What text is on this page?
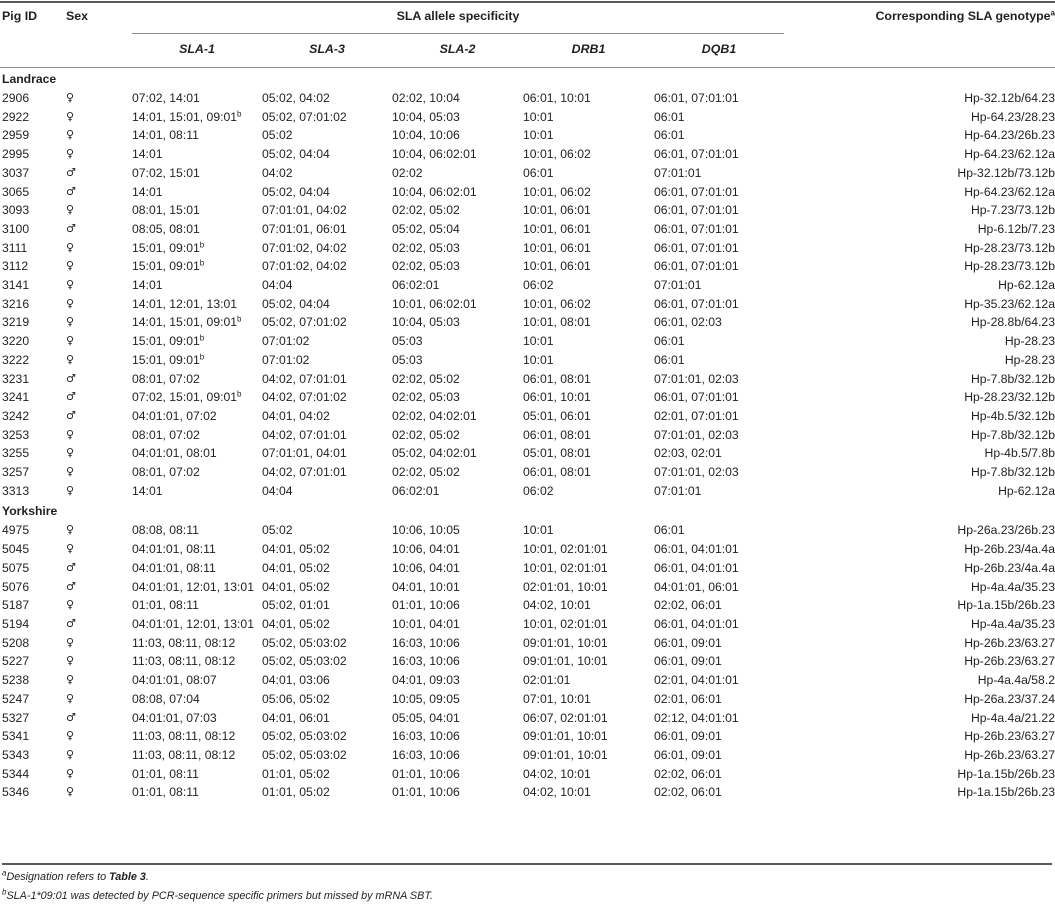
Pig ID	Sex	SLA allele specificity					Corresponding SLA genotype$^a$
		SLA-1	SLA-3	SLA-2	DRB1	DQB1	
Landrace							
2906	♀	07:02, 14:01	05:02, 04:02	02:02, 10:04	06:01, 10:01	06:01, 07:01:01	Hp-32.12b/64.23
2922	♀	14:01, 15:01, 09:01$^b$	05:02, 07:01:02	10:04, 05:03	10:01	06:01	Hp-64.23/28.23
2959	♀	14:01, 08:11	05:02	10:04, 10:06	10:01	06:01	Hp-64.23/26b.23
2995	♀	14:01	05:02, 04:04	10:04, 06:02:01	10:01, 06:02	06:01, 07:01:01	Hp-64.23/62.12a
3037	♂	07:02, 15:01	04:02	02:02	06:01	07:01:01	Hp-32.12b/73.12b
3065	♂	14:01	05:02, 04:04	10:04, 06:02:01	10:01, 06:02	06:01, 07:01:01	Hp-64.23/62.12a
3093	♀	08:01, 15:01	07:01:01, 04:02	02:02, 05:02	10:01, 06:01	06:01, 07:01:01	Hp-7.23/73.12b
3100	♂	08:05, 08:01	07:01:01, 06:01	05:02, 05:04	10:01, 06:01	06:01, 07:01:01	Hp-6.12b/7.23
3111	♀	15:01, 09:01$^b$	07:01:02, 04:02	02:02, 05:03	10:01, 06:01	06:01, 07:01:01	Hp-28.23/73.12b
3112	♀	15:01, 09:01$^b$	07:01:02, 04:02	02:02, 05:03	10:01, 06:01	06:01, 07:01:01	Hp-28.23/73.12b
3141	♀	14:01	04:04	06:02:01	06:02	07:01:01	Hp-62.12a
3216	♀	14:01, 12:01, 13:01	05:02, 04:04	10:01, 06:02:01	10:01, 06:02	06:01, 07:01:01	Hp-35.23/62.12a
3219	♀	14:01, 15:01, 09:01$^b$	05:02, 07:01:02	10:04, 05:03	10:01, 08:01	06:01, 02:03	Hp-28.8b/64.23
3220	♀	15:01, 09:01$^b$	07:01:02	05:03	10:01	06:01	Hp-28.23
3222	♀	15:01, 09:01$^b$	07:01:02	05:03	10:01	06:01	Hp-28.23
3231	♂	08:01, 07:02	04:02, 07:01:01	02:02, 05:02	06:01, 08:01	07:01:01, 02:03	Hp-7.8b/32.12b
3241	♂	07:02, 15:01, 09:01$^b$	04:02, 07:01:02	02:02, 05:03	06:01, 10:01	06:01, 07:01:01	Hp-28.23/32.12b
3242	♂	04:01:01, 07:02	04:01, 04:02	02:02, 04:02:01	05:01, 06:01	02:01, 07:01:01	Hp-4b.5/32.12b
3253	♀	08:01, 07:02	04:02, 07:01:01	02:02, 05:02	06:01, 08:01	07:01:01, 02:03	Hp-7.8b/32.12b
3255	♀	04:01:01, 08:01	07:01:01, 04:01	05:02, 04:02:01	05:01, 08:01	02:03, 02:01	Hp-4b.5/7.8b
3257	♀	08:01, 07:02	04:02, 07:01:01	02:02, 05:02	06:01, 08:01	07:01:01, 02:03	Hp-7.8b/32.12b
3313	♀	14:01	04:04	06:02:01	06:02	07:01:01	Hp-62.12a
Yorkshire							
4975	♀	08:08, 08:11	05:02	10:06, 10:05	10:01	06:01	Hp-26a.23/26b.23
5045	♀	04:01:01, 08:11	04:01, 05:02	10:06, 04:01	10:01, 02:01:01	06:01, 04:01:01	Hp-26b.23/4a.4a
5075	♂	04:01:01, 08:11	04:01, 05:02	10:06, 04:01	10:01, 02:01:01	06:01, 04:01:01	Hp-26b.23/4a.4a
5076	♂	04:01:01, 12:01, 13:01	04:01, 05:02	04:01, 10:01	02:01:01, 10:01	04:01:01, 06:01	Hp-4a.4a/35.23
5187	♀	01:01, 08:11	05:02, 01:01	01:01, 10:06	04:02, 10:01	02:02, 06:01	Hp-1a.15b/26b.23
5194	♂	04:01:01, 12:01, 13:01	04:01, 05:02	10:01, 04:01	10:01, 02:01:01	06:01, 04:01:01	Hp-4a.4a/35.23
5208	♀	11:03, 08:11, 08:12	05:02, 05:03:02	16:03, 10:06	09:01:01, 10:01	06:01, 09:01	Hp-26b.23/63.27
5227	♀	11:03, 08:11, 08:12	05:02, 05:03:02	16:03, 10:06	09:01:01, 10:01	06:01, 09:01	Hp-26b.23/63.27
5238	♀	04:01:01, 08:07	04:01, 03:06	04:01, 09:03	02:01:01	02:01, 04:01:01	Hp-4a.4a/58.2
5247	♀	08:08, 07:04	05:06, 05:02	10:05, 09:05	07:01, 10:01	02:01, 06:01	Hp-26a.23/37.24
5327	♂	04:01:01, 07:03	04:01, 06:01	05:05, 04:01	06:07, 02:01:01	02:12, 04:01:01	Hp-4a.4a/21.22
5341	♀	11:03, 08:11, 08:12	05:02, 05:03:02	16:03, 10:06	09:01:01, 10:01	06:01, 09:01	Hp-26b.23/63.27
5343	♀	11:03, 08:11, 08:12	05:02, 05:03:02	16:03, 10:06	09:01:01, 10:01	06:01, 09:01	Hp-26b.23/63.27
5344	♀	01:01, 08:11	01:01, 05:02	01:01, 10:06	04:02, 10:01	02:02, 06:01	Hp-1a.15b/26b.23
5346	♀	01:01, 08:11	01:01, 05:02	01:01, 10:06	04:02, 10:01	02:02, 06:01	Hp-1a.15b/26b.23
$^a$Designation refers to Table 3.
$^b$SLA-1*09:01 was detected by PCR-sequence specific primers but missed by mRNA SBT.
